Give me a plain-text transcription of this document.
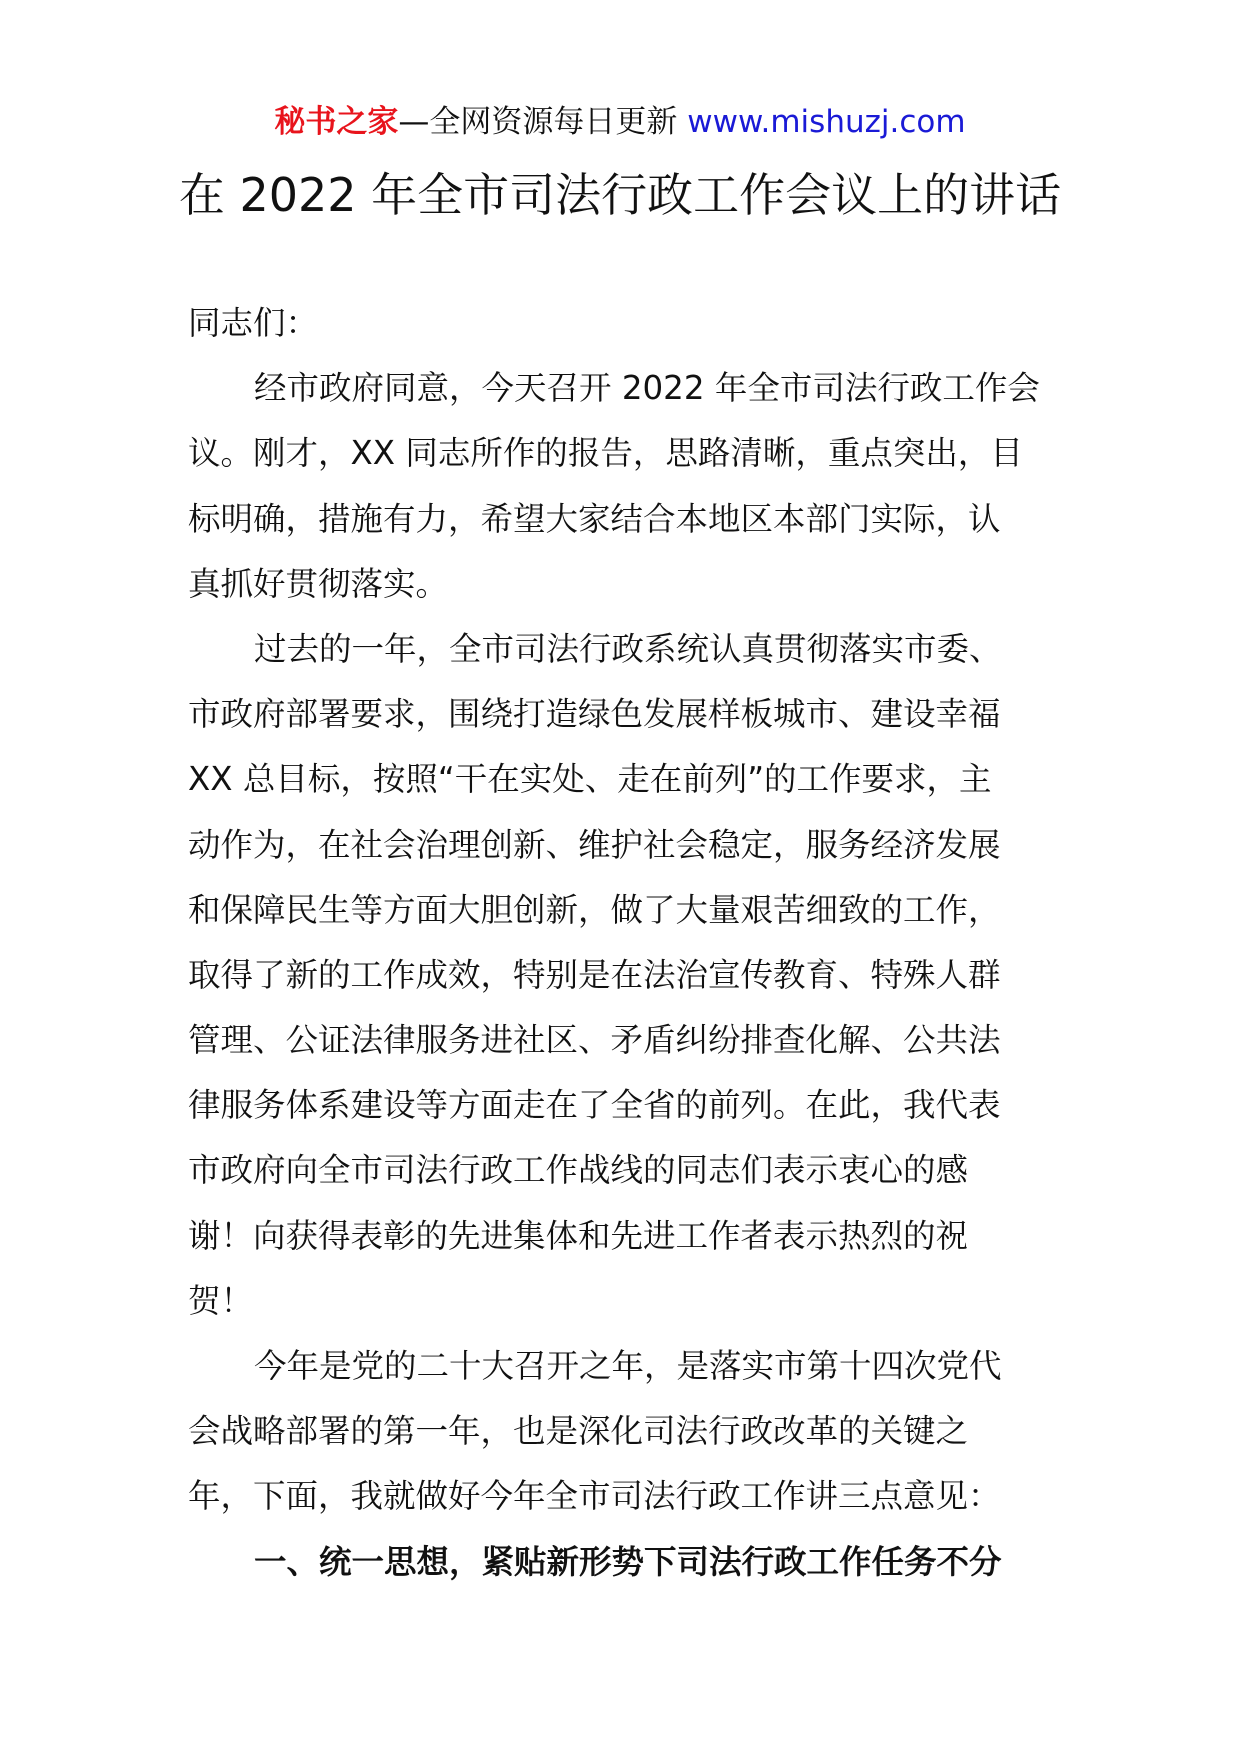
秘书之家—全网资源每日更新 www.mishuzj.com
在 2022 年全市司法行政工作会议上的讲话
同志们：
经市政府同意，今天召开 2022 年全市司法行政工作会
议。刚才，XX 同志所作的报告，思路清晰，重点突出，目
标明确，措施有力，希望大家结合本地区本部门实际，认
真抓好贯彻落实。
过去的一年，全市司法行政系统认真贯彻落实市委、
市政府部署要求，围绕打造绿色发展样板城市、建设幸福
XX 总目标，按照“干在实处、走在前列”的工作要求，主
动作为，在社会治理创新、维护社会稳定，服务经济发展
和保障民生等方面大胆创新，做了大量艰苦细致的工作，
取得了新的工作成效，特别是在法治宣传教育、特殊人群
管理、公证法律服务进社区、矛盾纠纷排查化解、公共法
律服务体系建设等方面走在了全省的前列。在此，我代表
市政府向全市司法行政工作战线的同志们表示衷心的感
谢！向获得表彰的先进集体和先进工作者表示热烈的祝
贺！
今年是党的二十大召开之年，是落实市第十四次党代
会战略部署的第一年，也是深化司法行政改革的关键之
年，下面，我就做好今年全市司法行政工作讲三点意见：
一、统一思想，紧贴新形势下司法行政工作任务不分
